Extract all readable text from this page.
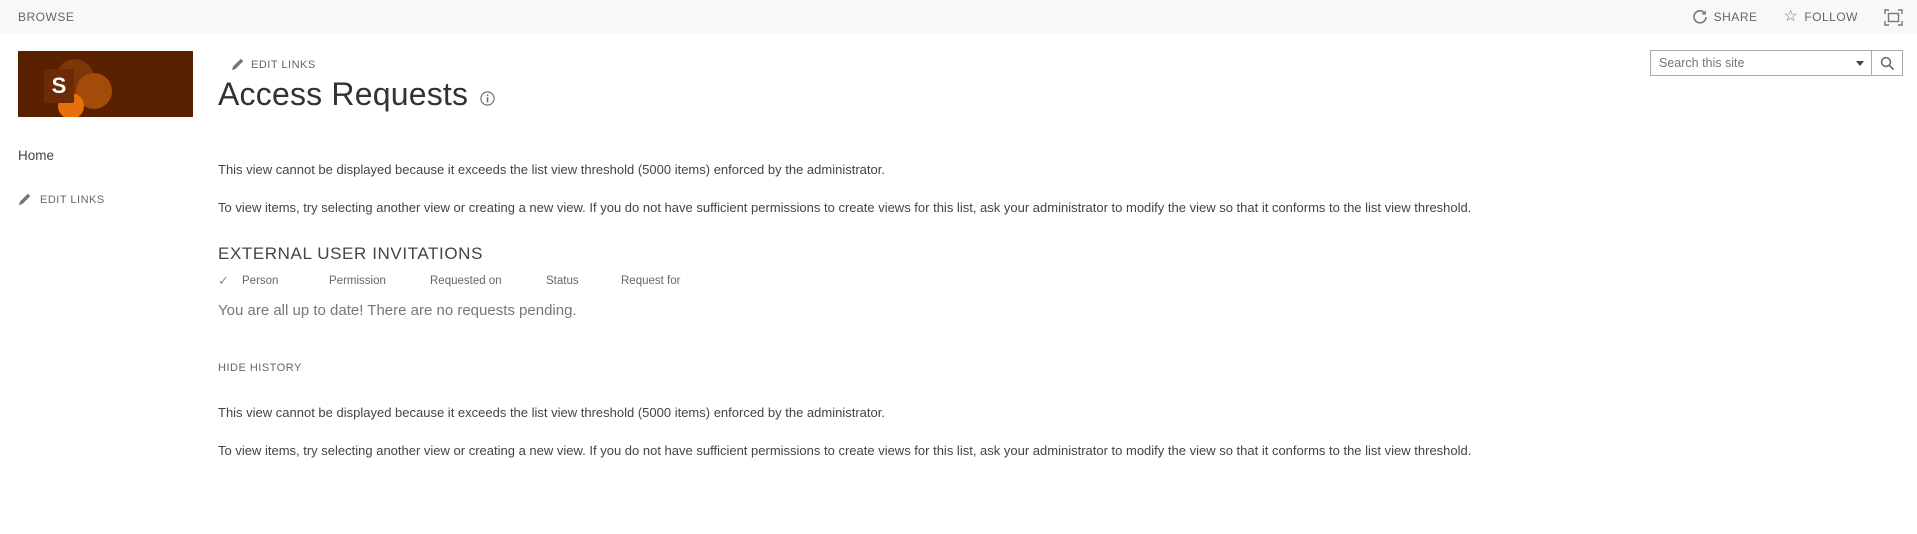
BROWSE	SHARE ☆ FOLLOW
S
EDIT LINKS
Access Requests
Search this site
Home
EDIT LINKS
This view cannot be displayed because it exceeds the list view threshold (5000 items) enforced by the administrator.
To view items, try selecting another view or creating a new view. If you do not have sufficient permissions to create views for this list, ask your administrator to modify the view so that it conforms to the list view threshold.
EXTERNAL USER INVITATIONS
✓	Person	Permission	Requested on	Status	Request for
You are all up to date! There are no requests pending.
HIDE HISTORY
This view cannot be displayed because it exceeds the list view threshold (5000 items) enforced by the administrator.
To view items, try selecting another view or creating a new view. If you do not have sufficient permissions to create views for this list, ask your administrator to modify the view so that it conforms to the list view threshold.
